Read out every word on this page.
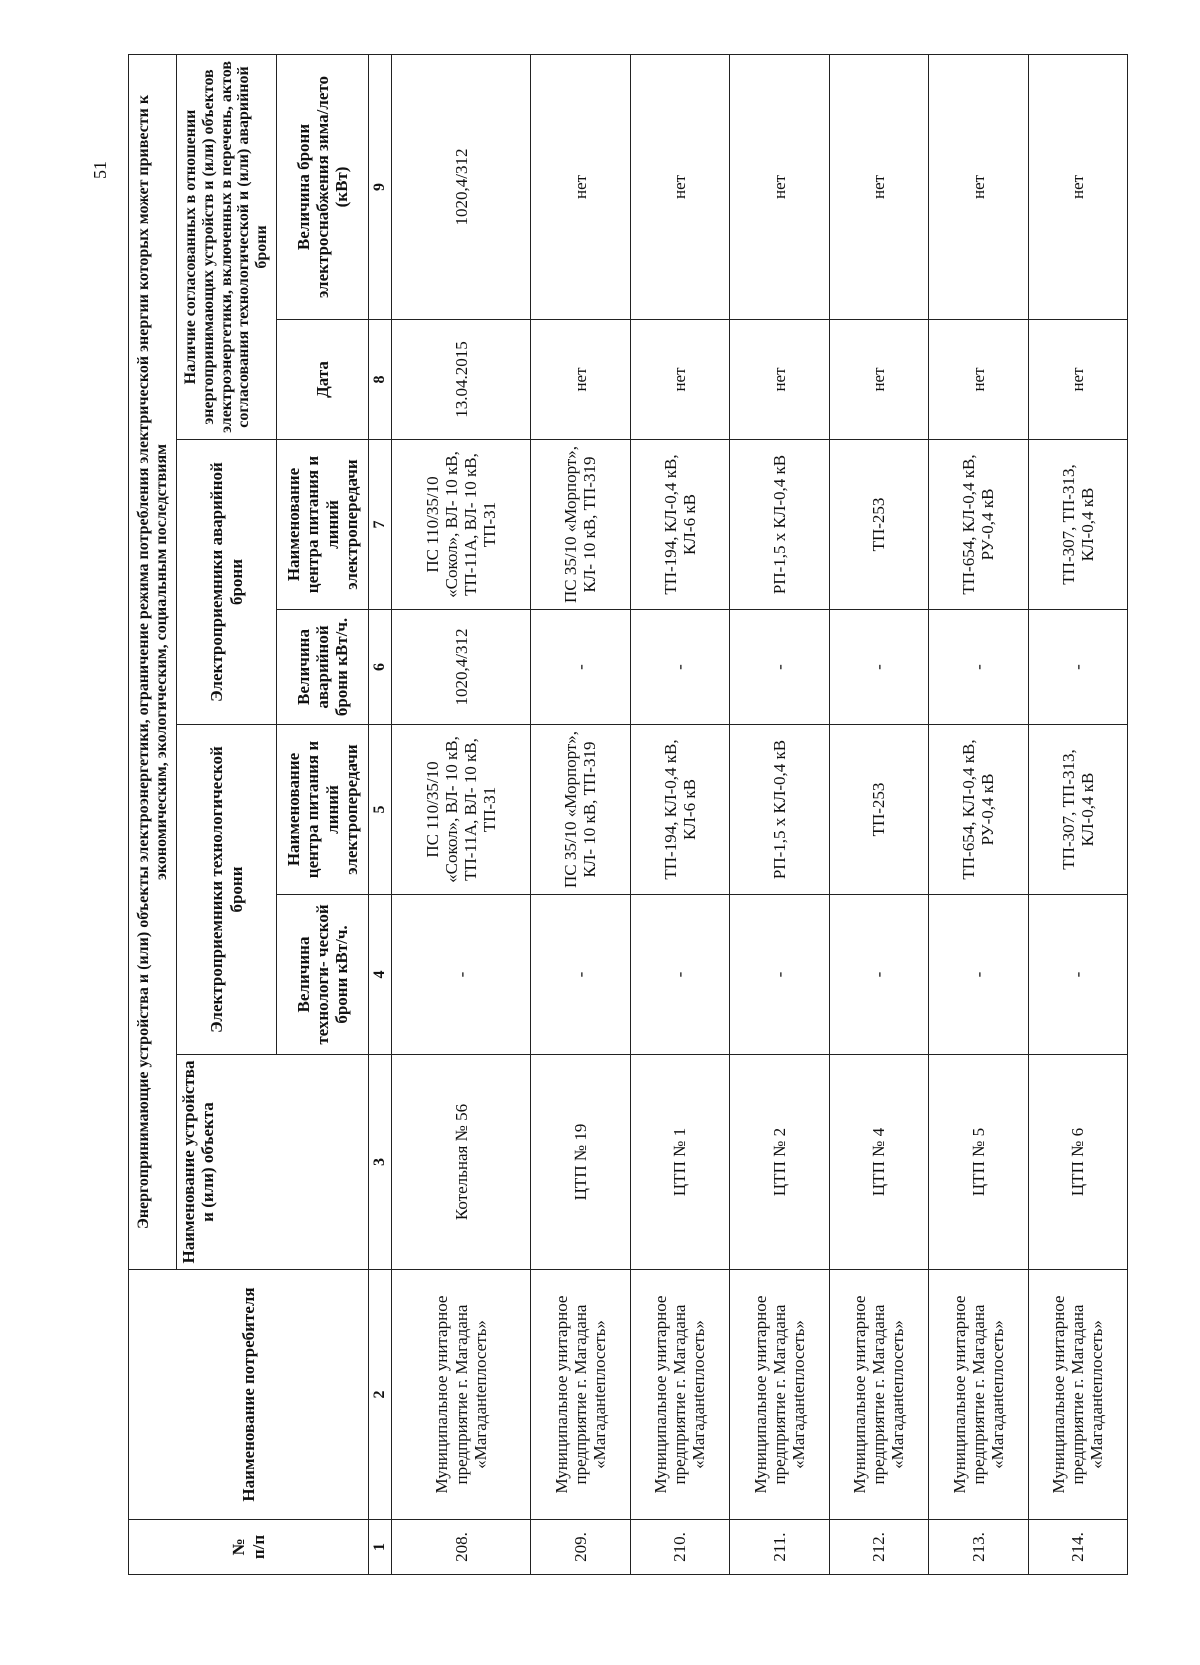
51
№
п/п	Наименование потребителя	Энергопринимающие устройства и (или) объекты электроэнергетики, ограничение режима потребления электрической энергии которых может привести к экономическим, экологическим, социальным последствиям						
		Наименование устройства и (или) объекта	Электроприемники технологической брони		Электроприемники аварийной брони		Наличие согласованных в отношении энергопринимающих устройств и (или) объектов электроэнергетики, включенных в перечень, актов согласования технологической и (или) аварийной брони	
			Величина технологи- ческой брони кВт/ч.	Наименование центра питания и линий электропередачи	Величина аварийной брони кВт/ч.	Наименование центра питания и линий электропередачи	Дата	Величина брони электроснабжения зима/лето (кВт)
1	2	3	4	5	6	7	8	9
208.	Муниципальное унитарное предприятие г. Магадана «Магаданteплосеть»	Котельная № 56	-	ПС 110/35/10 «Сокол», ВЛ- 10 кВ, ТП-11А, ВЛ- 10 кВ, ТП-31	1020,4/312	ПС 110/35/10 «Сокол», ВЛ- 10 кВ, ТП-11А, ВЛ- 10 кВ, ТП-31	13.04.2015	1020,4/312
209.	Муниципальное унитарное предприятие г. Магадана «Магаданteплосеть»	ЦТП № 19	-	ПС 35/10 «Морпорт», КЛ- 10 кВ, ТП-319	-	ПС 35/10 «Морпорт», КЛ- 10 кВ, ТП-319	нет	нет
210.	Муниципальное унитарное предприятие г. Магадана «Магаданteплосеть»	ЦТП № 1	-	ТП-194, КЛ-0,4 кВ, КЛ-6 кВ	-	ТП-194, КЛ-0,4 кВ, КЛ-6 кВ	нет	нет
211.	Муниципальное унитарное предприятие г. Магадана «Магаданteплосеть»	ЦТП № 2	-	РП-1,5 х КЛ-0,4 кВ	-	РП-1,5 х КЛ-0,4 кВ	нет	нет
212.	Муниципальное унитарное предприятие г. Магадана «Магаданteплосеть»	ЦТП № 4	-	ТП-253	-	ТП-253	нет	нет
213.	Муниципальное унитарное предприятие г. Магадана «Магаданteплосеть»	ЦТП № 5	-	ТП-654, КЛ-0,4 кВ, РУ-0,4 кВ	-	ТП-654, КЛ-0,4 кВ, РУ-0,4 кВ	нет	нет
214.	Муниципальное унитарное предприятие г. Магадана «Магаданteплосеть»	ЦТП № 6	-	ТП-307, ТП-313, КЛ-0,4 кВ	-	ТП-307, ТП-313, КЛ-0,4 кВ	нет	нет
